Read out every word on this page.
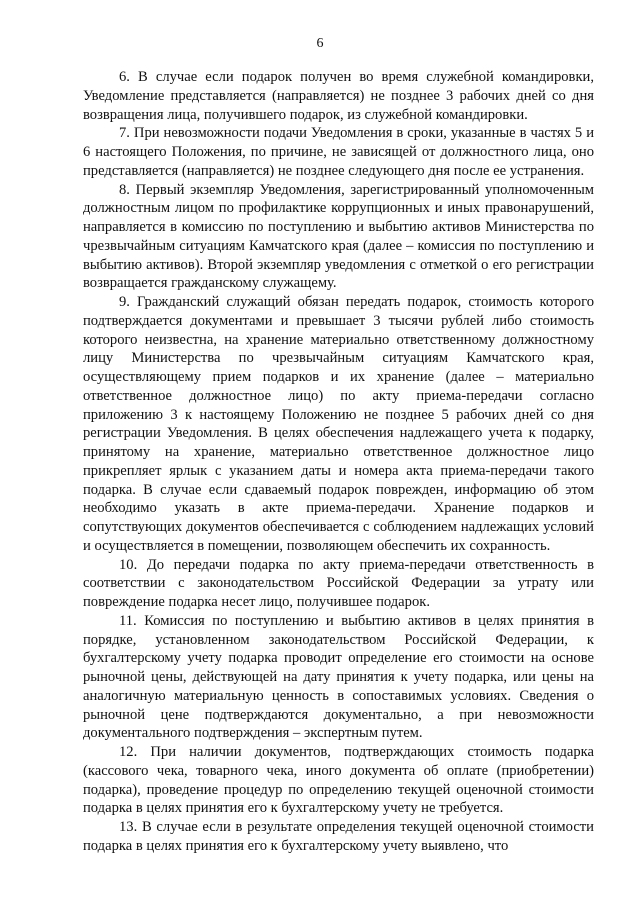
6

6. В случае если подарок получен во время служебной командировки, Уведомление представляется (направляется) не позднее 3 рабочих дней со дня возвращения лица, получившего подарок, из служебной командировки.

7. При невозможности подачи Уведомления в сроки, указанные в частях 5 и 6 настоящего Положения, по причине, не зависящей от должностного лица, оно представляется (направляется) не позднее следующего дня после ее устранения.

8. Первый экземпляр Уведомления, зарегистрированный уполномоченным должностным лицом по профилактике коррупционных и иных правонарушений, направляется в комиссию по поступлению и выбытию активов Министерства по чрезвычайным ситуациям Камчатского края (далее – комиссия по поступлению и выбытию активов). Второй экземпляр уведомления с отметкой о его регистрации возвращается гражданскому служащему.

9. Гражданский служащий обязан передать подарок, стоимость которого подтверждается документами и превышает 3 тысячи рублей либо стоимость которого неизвестна, на хранение материально ответственному должностному лицу Министерства по чрезвычайным ситуациям Камчатского края, осуществляющему прием подарков и их хранение (далее – материально ответственное должностное лицо) по акту приема-передачи согласно приложению 3 к настоящему Положению не позднее 5 рабочих дней со дня регистрации Уведомления. В целях обеспечения надлежащего учета к подарку, принятому на хранение, материально ответственное должностное лицо прикрепляет ярлык с указанием даты и номера акта приема-передачи такого подарка. В случае если сдаваемый подарок поврежден, информацию об этом необходимо указать в акте приема-передачи. Хранение подарков и сопутствующих документов обеспечивается с соблюдением надлежащих условий и осуществляется в помещении, позволяющем обеспечить их сохранность.

10. До передачи подарка по акту приема-передачи ответственность в соответствии с законодательством Российской Федерации за утрату или повреждение подарка несет лицо, получившее подарок.

11. Комиссия по поступлению и выбытию активов в целях принятия в порядке, установленном законодательством Российской Федерации, к бухгалтерскому учету подарка проводит определение его стоимости на основе рыночной цены, действующей на дату принятия к учету подарка, или цены на аналогичную материальную ценность в сопоставимых условиях. Сведения о рыночной цене подтверждаются документально, а при невозможности документального подтверждения – экспертным путем.

12. При наличии документов, подтверждающих стоимость подарка (кассового чека, товарного чека, иного документа об оплате (приобретении) подарка), проведение процедур по определению текущей оценочной стоимости подарка в целях принятия его к бухгалтерскому учету не требуется.

13. В случае если в результате определения текущей оценочной стоимости подарка в целях принятия его к бухгалтерскому учету выявлено, что
